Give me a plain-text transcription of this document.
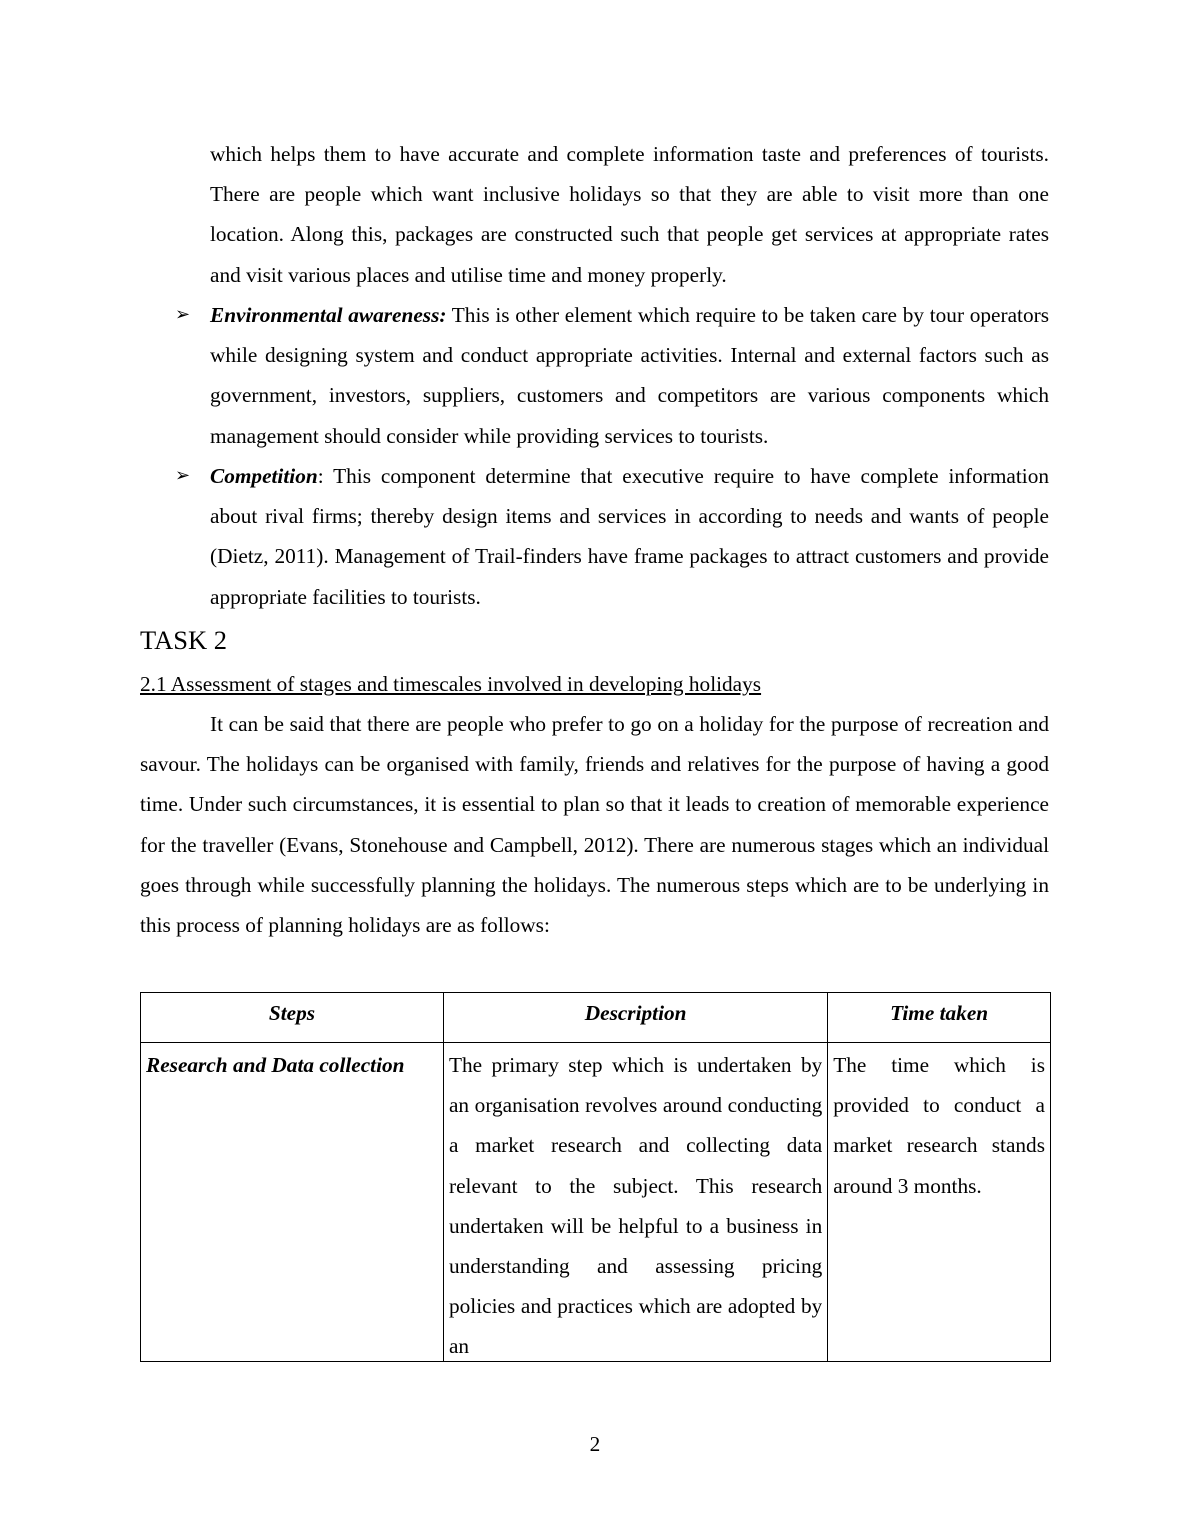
which helps them to have accurate and complete information taste and preferences of tourists. There are people which want inclusive holidays so that they are able to visit more than one location. Along this, packages are constructed such that people get services at appropriate rates and visit various places and utilise time and money properly.

➢ Environmental awareness: This is other element which require to be taken care by tour operators while designing system and conduct appropriate activities. Internal and external factors such as government, investors, suppliers, customers and competitors are various components which management should consider while providing services to tourists.

➢ Competition: This component determine that executive require to have complete information about rival firms; thereby design items and services in according to needs and wants of people (Dietz, 2011). Management of Trail-finders have frame packages to attract customers and provide appropriate facilities to tourists.

TASK 2
2.1 Assessment of stages and timescales involved in developing holidays

It can be said that there are people who prefer to go on a holiday for the purpose of recreation and savour. The holidays can be organised with family, friends and relatives for the purpose of having a good time. Under such circumstances, it is essential to plan so that it leads to creation of memorable experience for the traveller (Evans, Stonehouse and Campbell, 2012). There are numerous stages which an individual goes through while successfully planning the holidays. The numerous steps which are to be underlying in this process of planning holidays are as follows:

Steps	Description	Time taken

Research and Data collection	The primary step which is undertaken by an organisation revolves around conducting a market research and collecting data relevant to the subject. This research undertaken will be helpful to a business in understanding and assessing pricing policies and practices which are adopted by an	The time which is provided to conduct a market research stands around 3 months.
2
